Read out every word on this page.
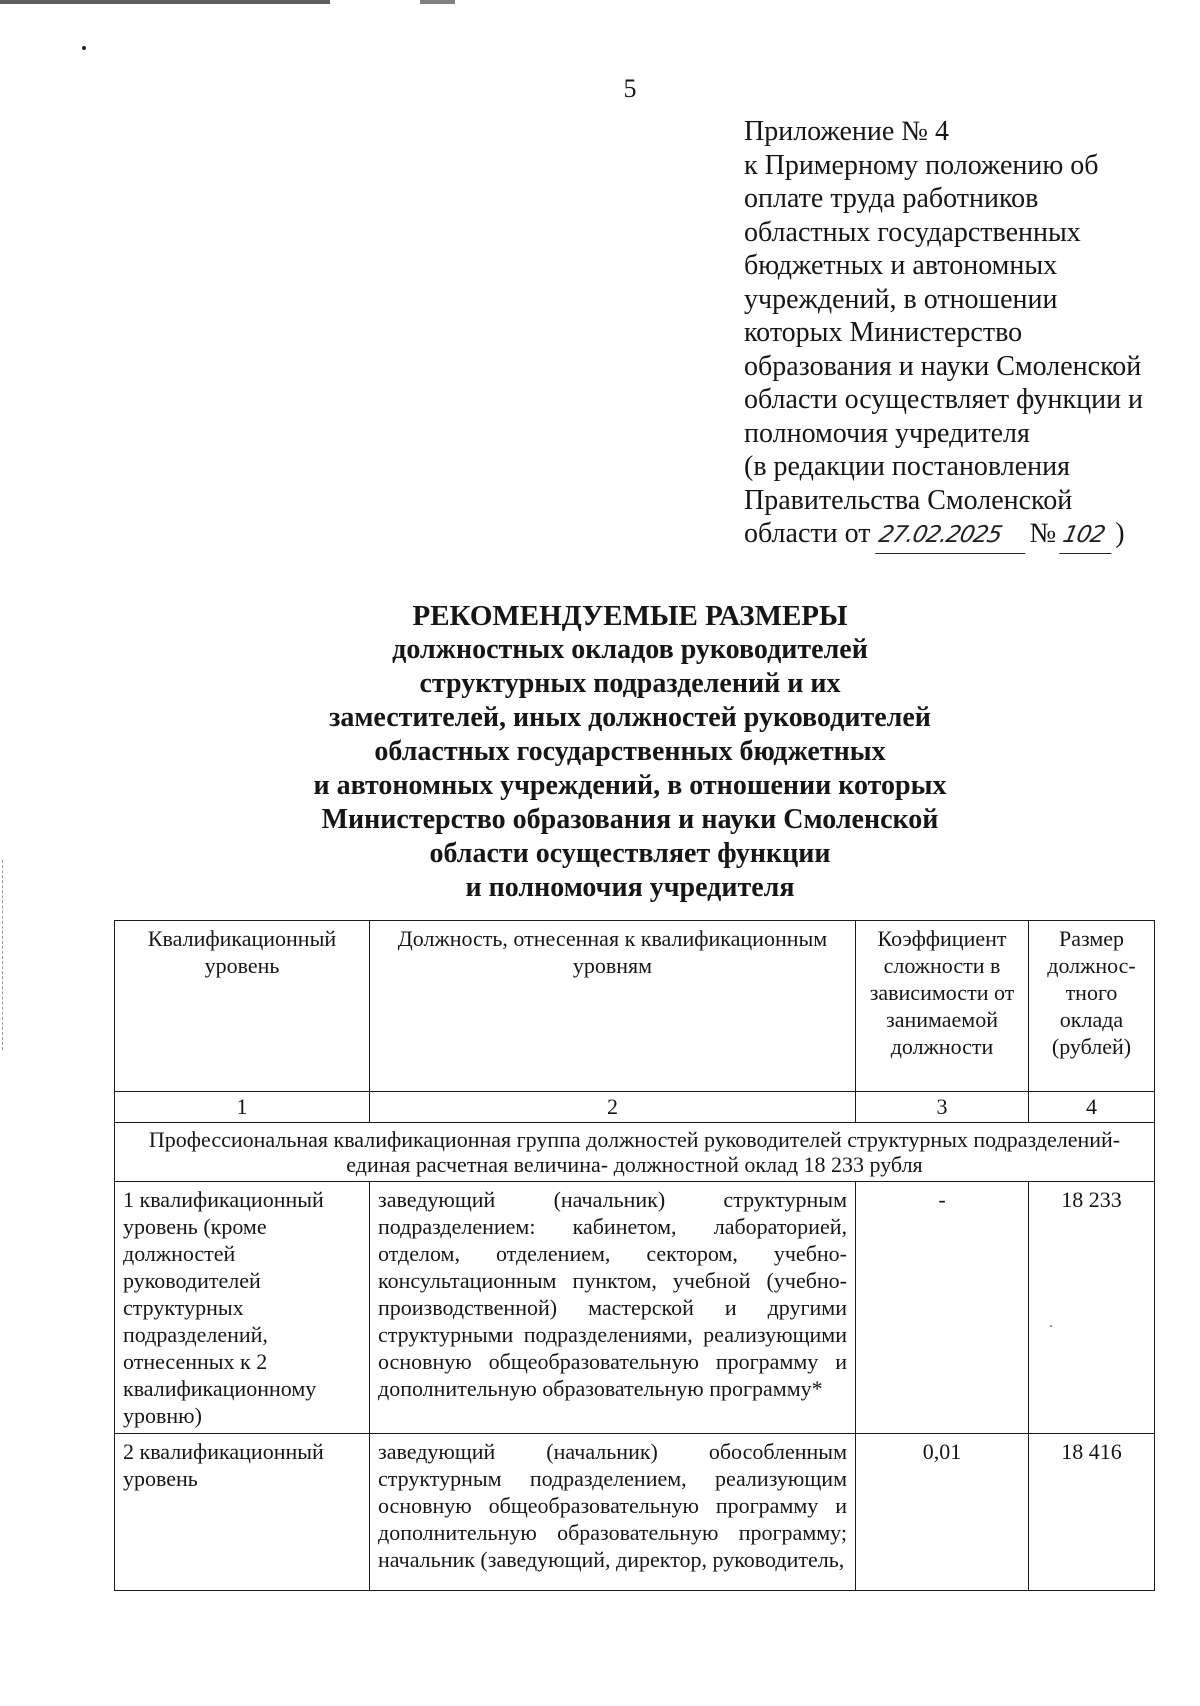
5
Приложение № 4
к Примерному положению об
оплате труда работников
областных государственных
бюджетных и автономных
учреждений, в отношении
которых Министерство
образования и науки Смоленской
области осуществляет функции и
полномочия учредителя
(в редакции постановления
Правительства Смоленской
области от 27.02.2025 № 102 )
РЕКОМЕНДУЕМЫЕ РАЗМЕРЫ
должностных окладов руководителей
структурных подразделений и их
заместителей, иных должностей руководителей
областных государственных бюджетных
и автономных учреждений, в отношении которых
Министерство образования и науки Смоленской
области осуществляет функции
и полномочия учредителя
Квалификационный уровень	Должность, отнесенная к квалификационным уровням	Коэффициент сложности в зависимости от занимаемой должности	Размер должнос-тного оклада (рублей)
1	2	3	4
Профессиональная квалификационная группа должностей руководителей структурных подразделений-единая расчетная величина- должностной оклад 18 233 рубля			
1 квалификационный уровень (кроме должностей руководителей структурных подразделений, отнесенных к 2 квалификационному уровню)	заведующий (начальник) структурным подразделением: кабинетом, лабораторией, отделом, отделением, сектором, учебно-консультационным пунктом, учебной (учебно-производственной) мастерской и другими структурными подразделениями, реализующими основную общеобразовательную программу и дополнительную образовательную программу*	-	18 233
2 квалификационный уровень	заведующий (начальник) обособленным структурным подразделением, реализующим основную общеобразовательную программу и дополнительную образовательную программу; начальник (заведующий, директор, руководитель,	0,01	18 416
